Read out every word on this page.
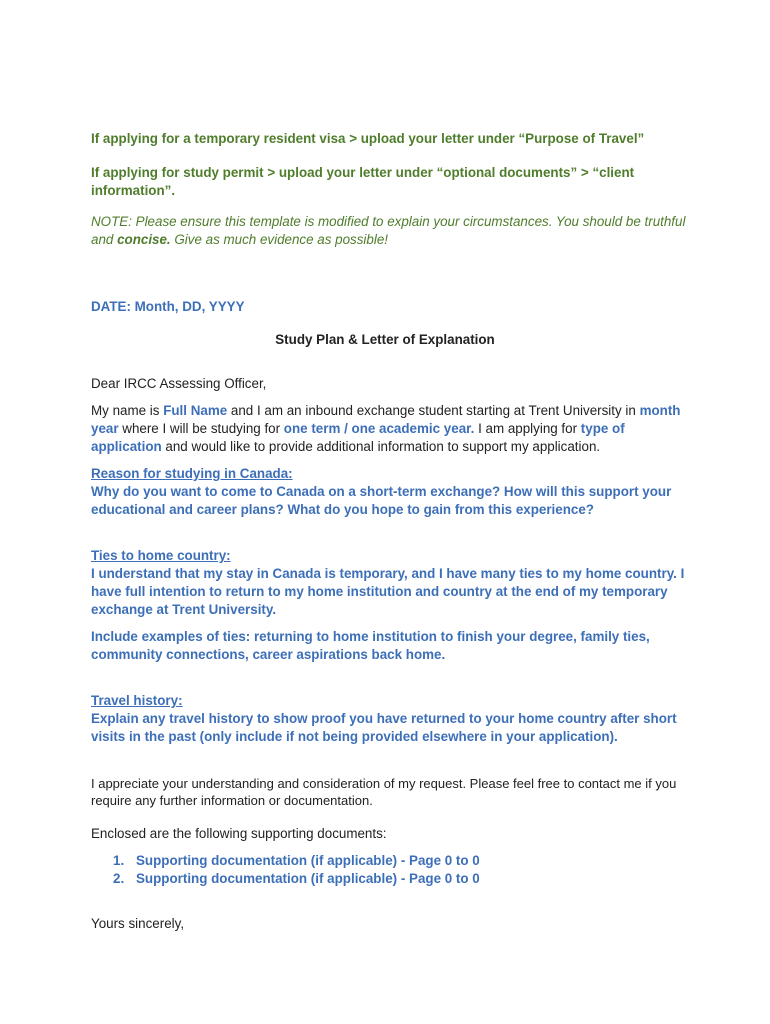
If applying for a temporary resident visa > upload your letter under “Purpose of Travel”
If applying for study permit > upload your letter under “optional documents” > “client information”.
NOTE: Please ensure this template is modified to explain your circumstances. You should be truthful and concise. Give as much evidence as possible!
DATE: Month, DD, YYYY
Study Plan & Letter of Explanation
Dear IRCC Assessing Officer,
My name is Full Name and I am an inbound exchange student starting at Trent University in month year where I will be studying for one term / one academic year. I am applying for type of application and would like to provide additional information to support my application.
Reason for studying in Canada:
Why do you want to come to Canada on a short-term exchange? How will this support your educational and career plans? What do you hope to gain from this experience?
Ties to home country:
I understand that my stay in Canada is temporary, and I have many ties to my home country. I have full intention to return to my home institution and country at the end of my temporary exchange at Trent University.
Include examples of ties: returning to home institution to finish your degree, family ties, community connections, career aspirations back home.
Travel history:
Explain any travel history to show proof you have returned to your home country after short visits in the past (only include if not being provided elsewhere in your application).
I appreciate your understanding and consideration of my request. Please feel free to contact me if you require any further information or documentation.
Enclosed are the following supporting documents:
1. Supporting documentation (if applicable) - Page 0 to 0
2. Supporting documentation (if applicable) - Page 0 to 0
Yours sincerely,
